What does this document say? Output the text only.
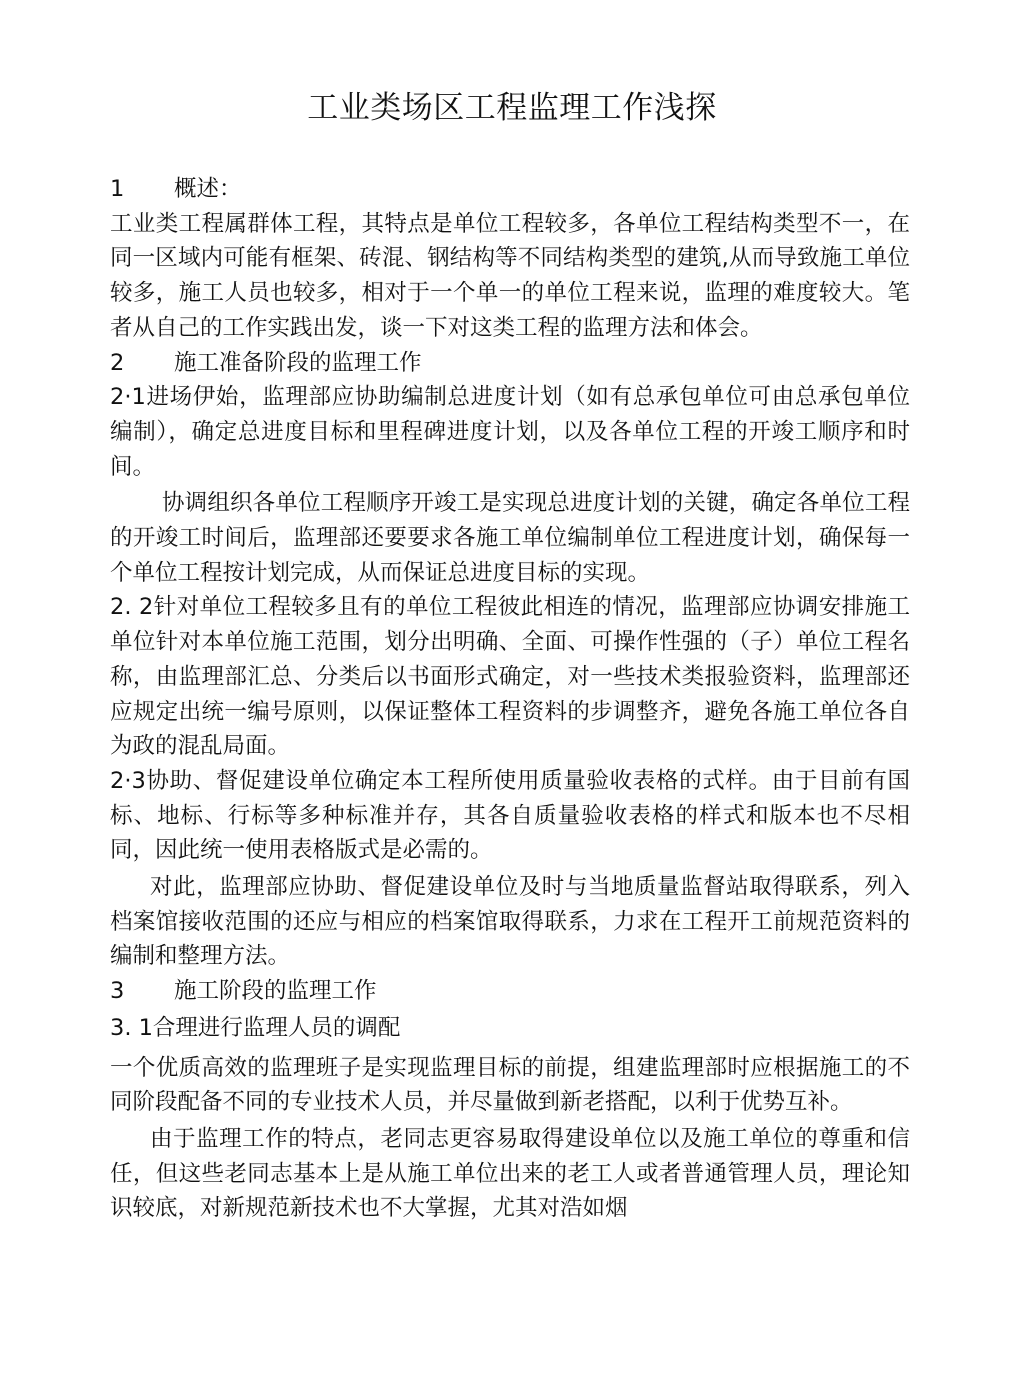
工业类场区工程监理工作浅探
1 概述：

工业类工程属群体工程，其特点是单位工程较多，各单位工程结构类型不一，在同一区域内可能有框架、砖混、钢结构等不同结构类型的建筑,从而导致施工单位较多，施工人员也较多，相对于一个单一的单位工程来说，监理的难度较大。笔者从自己的工作实践出发，谈一下对这类工程的监理方法和体会。

2 施工准备阶段的监理工作

2·1进场伊始，监理部应协助编制总进度计划（如有总承包单位可由总承包单位编制），确定总进度目标和里程碑进度计划，以及各单位工程的开竣工顺序和时间。

协调组织各单位工程顺序开竣工是实现总进度计划的关键，确定各单位工程的开竣工时间后，监理部还要要求各施工单位编制单位工程进度计划，确保每一个单位工程按计划完成，从而保证总进度目标的实现。

2. 2针对单位工程较多且有的单位工程彼此相连的情况，监理部应协调安排施工单位针对本单位施工范围，划分出明确、全面、可操作性强的（子）单位工程名称，由监理部汇总、分类后以书面形式确定，对一些技术类报验资料，监理部还应规定出统一编号原则，以保证整体工程资料的步调整齐，避免各施工单位各自为政的混乱局面。

2·3协助、督促建设单位确定本工程所使用质量验收表格的式样。由于目前有国标、地标、行标等多种标准并存，其各自质量验收表格的样式和版本也不尽相同，因此统一使用表格版式是必需的。

对此，监理部应协助、督促建设单位及时与当地质量监督站取得联系，列入档案馆接收范围的还应与相应的档案馆取得联系，力求在工程开工前规范资料的编制和整理方法。

3 施工阶段的监理工作

3. 1合理进行监理人员的调配

一个优质高效的监理班子是实现监理目标的前提，组建监理部时应根据施工的不同阶段配备不同的专业技术人员，并尽量做到新老搭配，以利于优势互补。

由于监理工作的特点，老同志更容易取得建设单位以及施工单位的尊重和信任，但这些老同志基本上是从施工单位出来的老工人或者普通管理人员，理论知识较底，对新规范新技术也不大掌握，尤其对浩如烟
